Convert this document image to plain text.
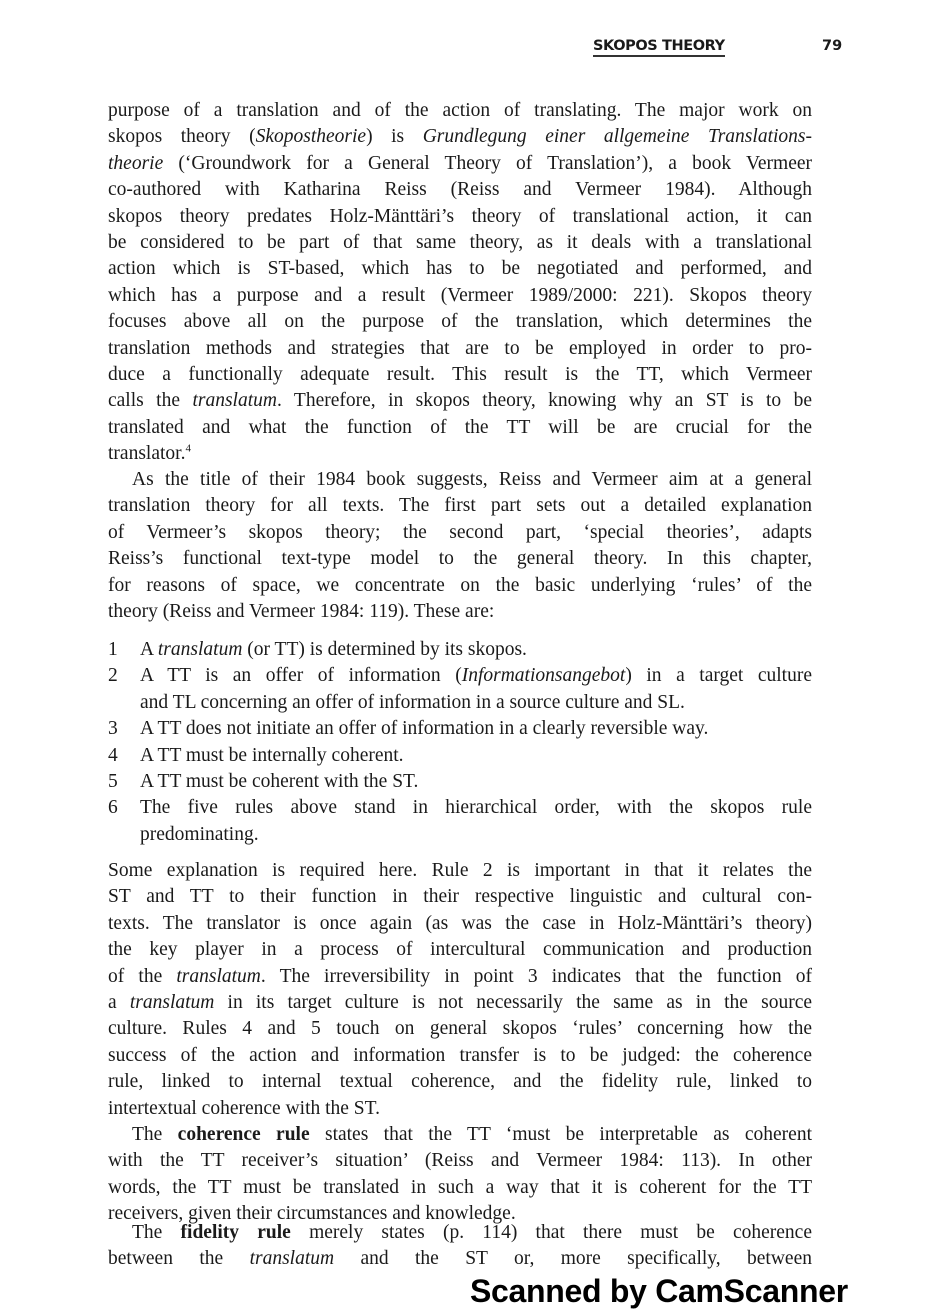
SKOPOS THEORY	79
purpose of a translation and of the action of translating. The major work on
skopos theory (Skopostheorie) is Grundlegung einer allgemeine Translations-
theorie (‘Groundwork for a General Theory of Translation’), a book Vermeer
co-authored with Katharina Reiss (Reiss and Vermeer 1984). Although
skopos theory predates Holz-Mänttäri’s theory of translational action, it can
be considered to be part of that same theory, as it deals with a translational
action which is ST-based, which has to be negotiated and performed, and
which has a purpose and a result (Vermeer 1989/2000: 221). Skopos theory
focuses above all on the purpose of the translation, which determines the
translation methods and strategies that are to be employed in order to pro-
duce a functionally adequate result. This result is the TT, which Vermeer
calls the translatum. Therefore, in skopos theory, knowing why an ST is to be
translated and what the function of the TT will be are crucial for the
translator.$^4$
As the title of their 1984 book suggests, Reiss and Vermeer aim at a general
translation theory for all texts. The first part sets out a detailed explanation
of Vermeer’s skopos theory; the second part, ‘special theories’, adapts
Reiss’s functional text-type model to the general theory. In this chapter,
for reasons of space, we concentrate on the basic underlying ‘rules’ of the
theory (Reiss and Vermeer 1984: 119). These are:
1 A translatum (or TT) is determined by its skopos.
2 A TT is an offer of information (Informationsangebot) in a target culture
and TL concerning an offer of information in a source culture and SL.
3 A TT does not initiate an offer of information in a clearly reversible way.
4 A TT must be internally coherent.
5 A TT must be coherent with the ST.
6 The five rules above stand in hierarchical order, with the skopos rule
predominating.
Some explanation is required here. Rule 2 is important in that it relates the
ST and TT to their function in their respective linguistic and cultural con-
texts. The translator is once again (as was the case in Holz-Mänttäri’s theory)
the key player in a process of intercultural communication and production
of the translatum. The irreversibility in point 3 indicates that the function of
a translatum in its target culture is not necessarily the same as in the source
culture. Rules 4 and 5 touch on general skopos ‘rules’ concerning how the
success of the action and information transfer is to be judged: the coherence
rule, linked to internal textual coherence, and the fidelity rule, linked to
intertextual coherence with the ST.
The coherence rule states that the TT ‘must be interpretable as coherent
with the TT receiver’s situation’ (Reiss and Vermeer 1984: 113). In other
words, the TT must be translated in such a way that it is coherent for the TT
receivers, given their circumstances and knowledge.
The fidelity rule merely states (p. 114) that there must be coherence
between the translatum and the ST or, more specifically, between
Scanned by CamScanner
